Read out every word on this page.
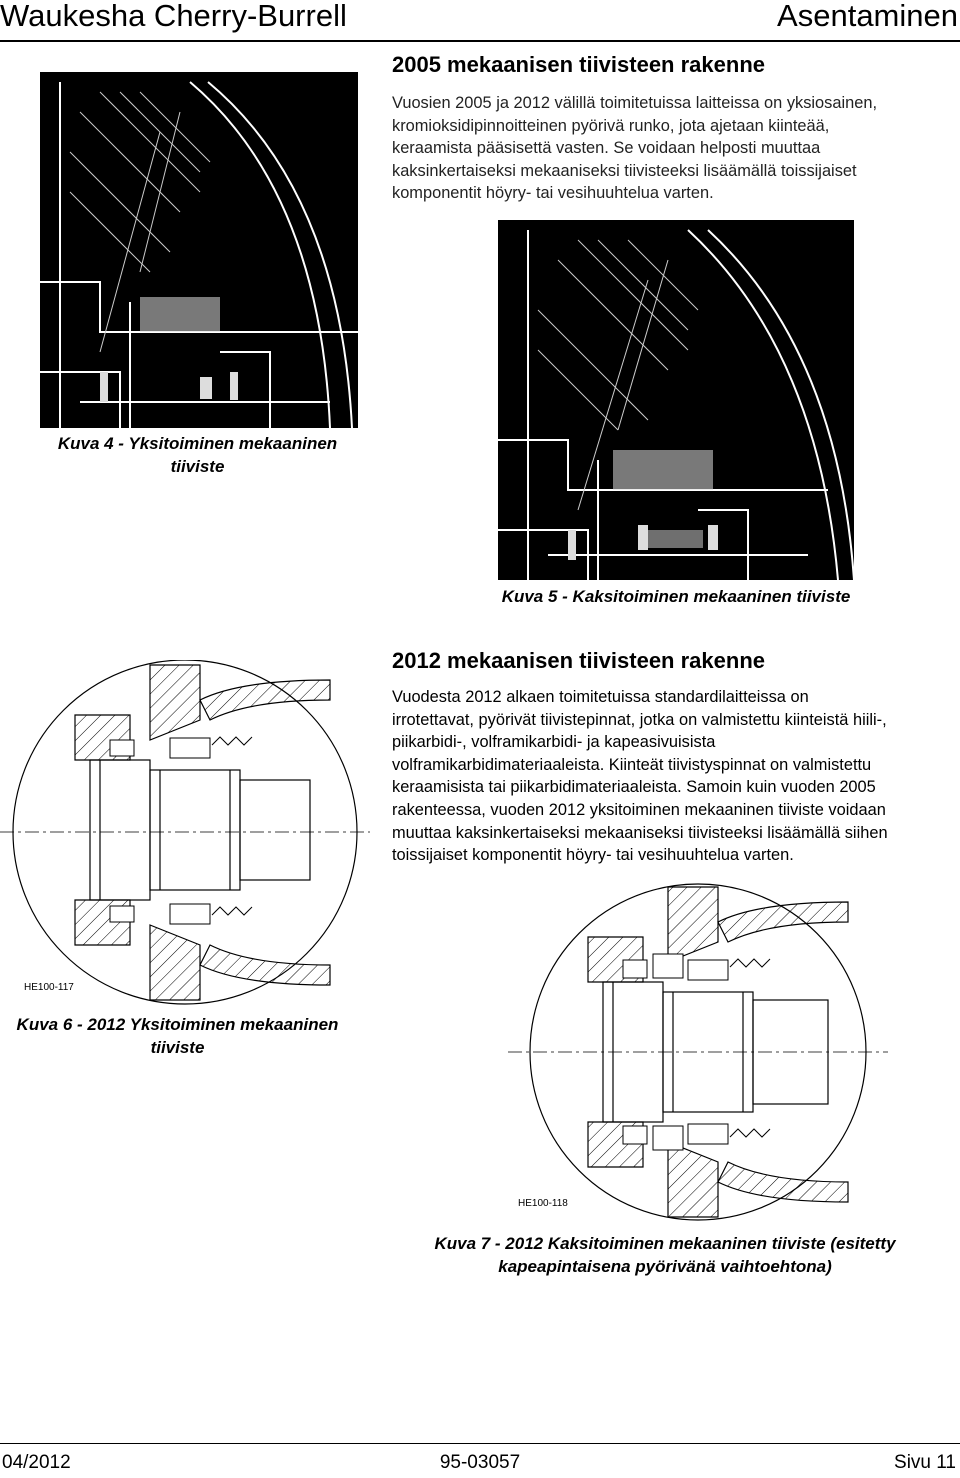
Waukesha Cherry-Burrell	Asentaminen
2005 mekaanisen tiivisteen rakenne
Vuosien 2005 ja 2012 välillä toimitetuissa laitteissa on yksiosainen,
kromioksidipinnoitteinen pyörivä runko, jota ajetaan kiinteää,
keraamista pääsisettä vasten. Se voidaan helposti muuttaa
kaksinkertaiseksi mekaaniseksi tiivisteeksi lisäämällä toissijaiset
komponentit höyry- tai vesihuuhtelua varten.
Kuva 4 - Yksitoiminen mekaaninen
tiiviste
Kuva 5 - Kaksitoiminen mekaaninen tiiviste
2012 mekaanisen tiivisteen rakenne
Vuodesta 2012 alkaen toimitetuissa standardilaitteissa on
irrotettavat, pyörivät tiivistepinnat, jotka on valmistettu kiinteistä hiili-,
piikarbidi-, volframikarbidi- ja kapeasivuisista
volframikarbidimateriaaleista. Kiinteät tiivistyspinnat on valmistettu
keraamisista tai piikarbidimateriaaleista. Samoin kuin vuoden 2005
rakenteessa, vuoden 2012 yksitoiminen mekaaninen tiiviste voidaan
muuttaa kaksinkertaiseksi mekaaniseksi tiivisteeksi lisäämällä siihen
toissijaiset komponentit höyry- tai vesihuuhtelua varten.
HE100-117
Kuva 6 - 2012 Yksitoiminen mekaaninen
tiiviste
HE100-118
Kuva 7 - 2012 Kaksitoiminen mekaaninen tiiviste (esitetty
kapeapintaisena pyörivänä vaihtoehtona)
04/2012	95-03057	Sivu 11
